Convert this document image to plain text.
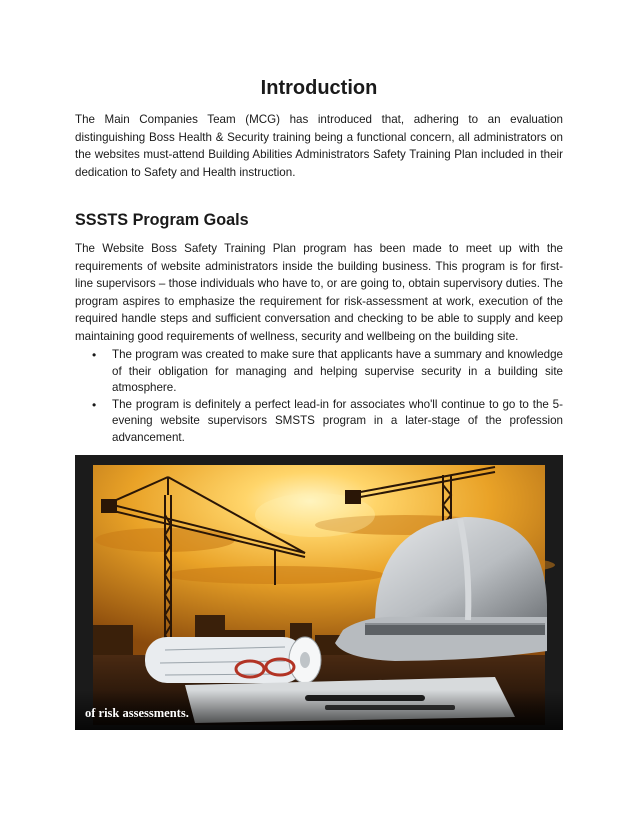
Introduction

The Main Companies Team (MCG) has introduced that, adhering to an evaluation distinguishing Boss Health & Security training being a functional concern, all administrators on the websites must-attend Building Abilities Administrators Safety Training Plan included in their dedication to Safety and Health instruction.

SSSTS Program Goals

The Website Boss Safety Training Plan program has been made to meet up with the requirements of website administrators inside the building business. This program is for first-line supervisors – those individuals who have to, or are going to, obtain supervisory duties. The program aspires to emphasize the requirement for risk-assessment at work, execution of the required handle steps and sufficient conversation and checking to be able to supply and keep maintaining good requirements of wellness, security and wellbeing on the building site.

• The program was created to make sure that applicants have a summary and knowledge of their obligation for managing and helping supervise security in a building site atmosphere.
• The program is definitely a perfect lead-in for associates who'll continue to go to the 5-evening website supervisors SMSTS program in a later-stage of the profession advancement.
of risk assessments.
